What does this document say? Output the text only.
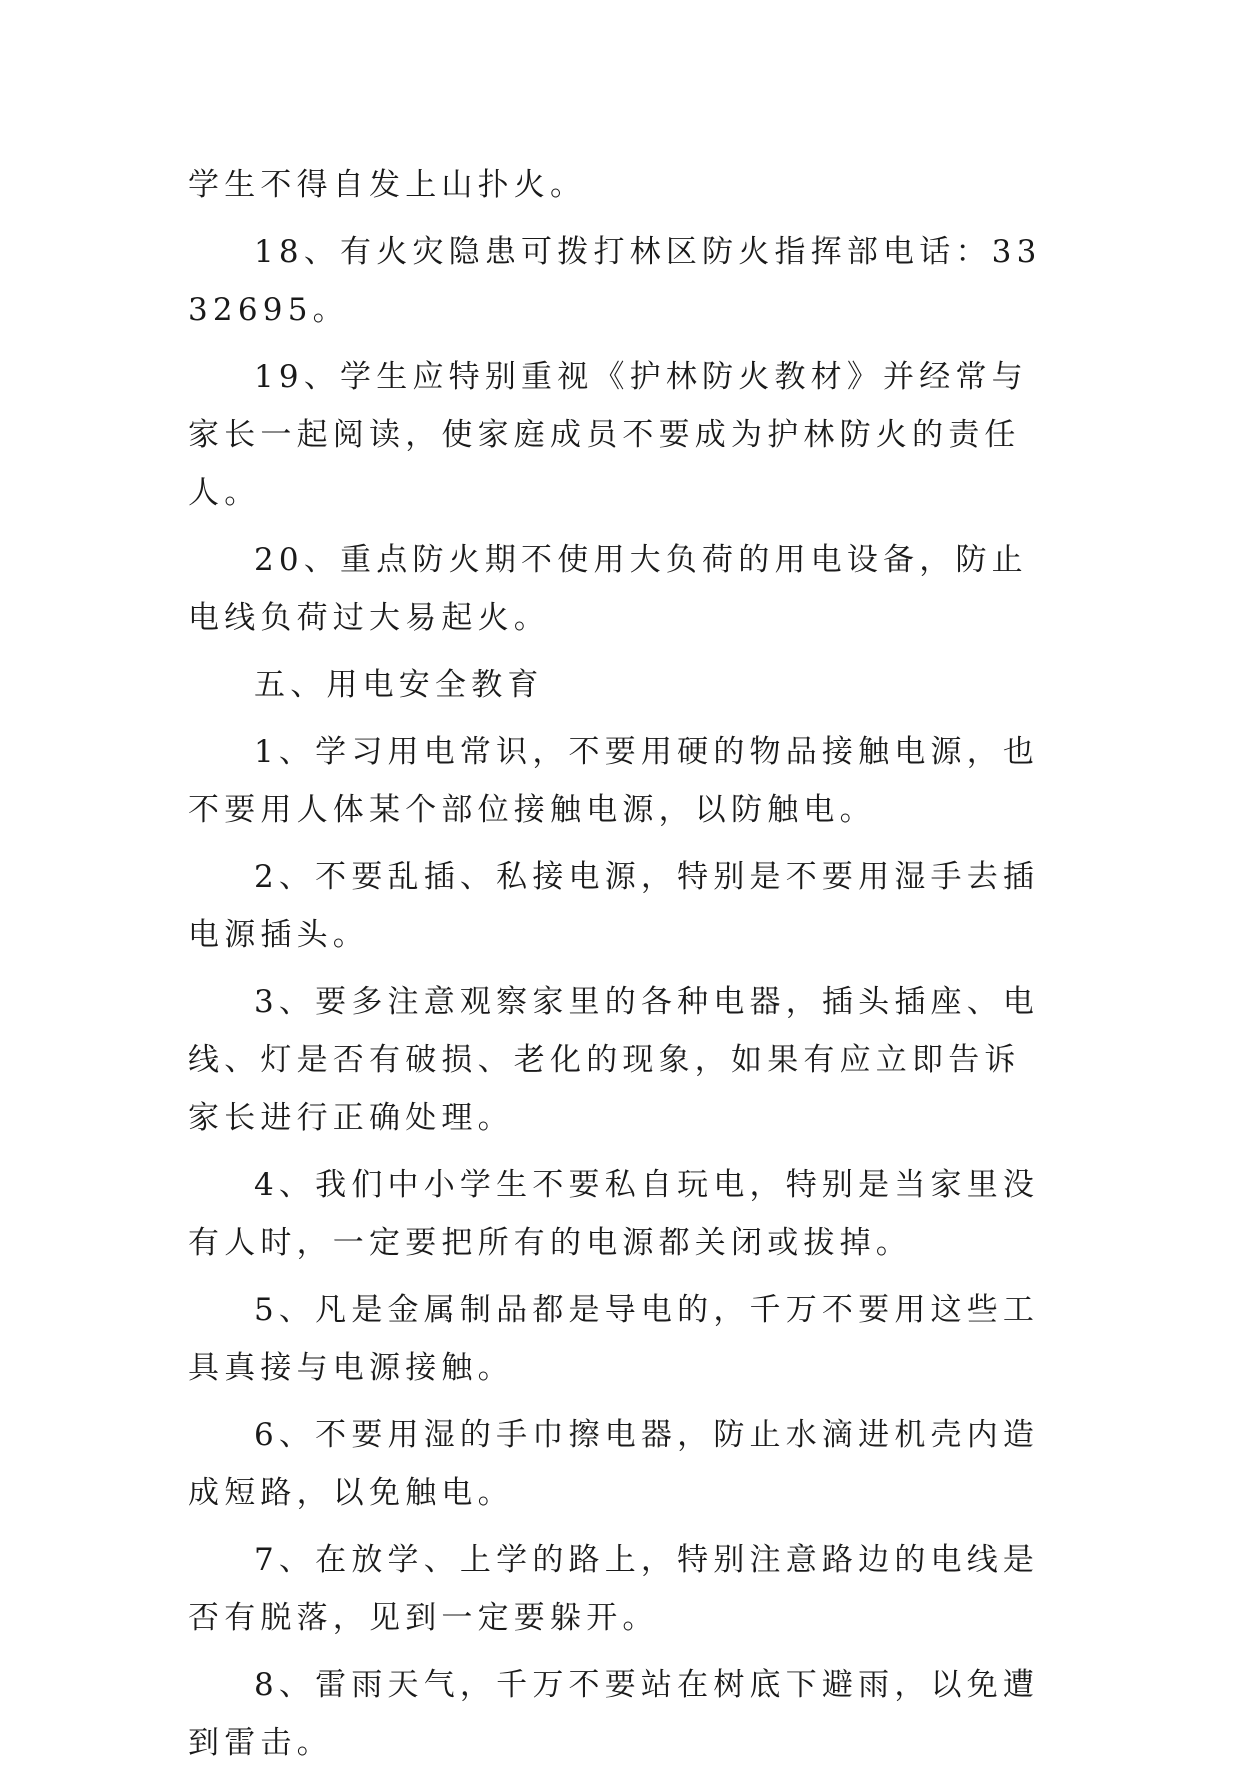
学生不得自发上山扑火。

18、有火灾隐患可拨打林区防火指挥部电话：3332695。

19、学生应特别重视《护林防火教材》并经常与家长一起阅读，使家庭成员不要成为护林防火的责任人。

20、重点防火期不使用大负荷的用电设备，防止电线负荷过大易起火。

五、用电安全教育

1、学习用电常识，不要用硬的物品接触电源，也不要用人体某个部位接触电源，以防触电。

2、不要乱插、私接电源，特别是不要用湿手去插电源插头。

3、要多注意观察家里的各种电器，插头插座、电线、灯是否有破损、老化的现象，如果有应立即告诉家长进行正确处理。

4、我们中小学生不要私自玩电，特别是当家里没有人时，一定要把所有的电源都关闭或拔掉。

5、凡是金属制品都是导电的，千万不要用这些工具真接与电源接触。

6、不要用湿的手巾擦电器，防止水滴进机壳内造成短路，以免触电。

7、在放学、上学的路上，特别注意路边的电线是否有脱落，见到一定要躲开。

8、雷雨天气，千万不要站在树底下避雨，以免遭到雷击。
